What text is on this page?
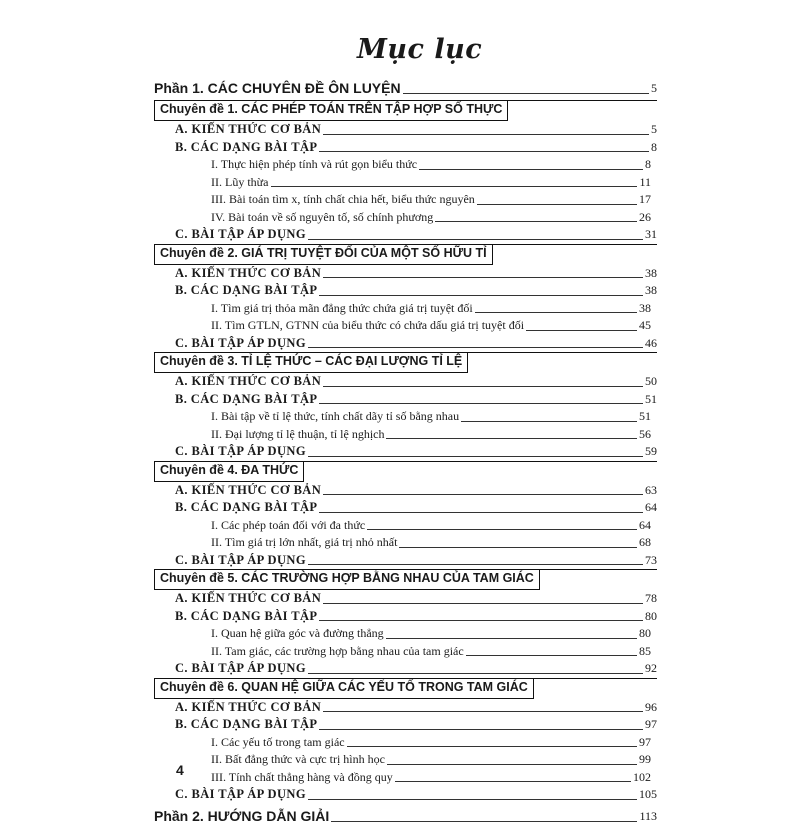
Mục lục
Phần 1. CÁC CHUYÊN ĐỀ ÔN LUYỆN	5
Chuyên đề 1. CÁC PHÉP TOÁN TRÊN TẬP HỢP SỐ THỰC
A. KIẾN THỨC CƠ BẢN	5
B. CÁC DẠNG BÀI TẬP	8
I. Thực hiện phép tính và rút gọn biểu thức	8
II. Lũy thừa	11
III. Bài toán tìm x, tính chất chia hết, biểu thức nguyên	17
IV. Bài toán về số nguyên tố, số chính phương	26
C. BÀI TẬP ÁP DỤNG	31
Chuyên đề 2. GIÁ TRỊ TUYỆT ĐỐI CỦA MỘT SỐ HỮU TỈ
A. KIẾN THỨC CƠ BẢN	38
B. CÁC DẠNG BÀI TẬP	38
I. Tìm giá trị thỏa mãn đẳng thức chứa giá trị tuyệt đối	38
II. Tìm GTLN, GTNN của biểu thức có chứa dấu giá trị tuyệt đối	45
C. BÀI TẬP ÁP DỤNG	46
Chuyên đề 3. TỈ LỆ THỨC – CÁC ĐẠI LƯỢNG TỈ LỆ
A. KIẾN THỨC CƠ BẢN	50
B. CÁC DẠNG BÀI TẬP	51
I. Bài tập về tỉ lệ thức, tính chất dãy tỉ số bằng nhau	51
II. Đại lượng tỉ lệ thuận, tỉ lệ nghịch	56
C. BÀI TẬP ÁP DỤNG	59
Chuyên đề 4. ĐA THỨC
A. KIẾN THỨC CƠ BẢN	63
B. CÁC DẠNG BÀI TẬP	64
I. Các phép toán đối với đa thức	64
II. Tìm giá trị lớn nhất, giá trị nhỏ nhất	68
C. BÀI TẬP ÁP DỤNG	73
Chuyên đề 5. CÁC TRƯỜNG HỢP BẰNG NHAU CỦA TAM GIÁC
A. KIẾN THỨC CƠ BẢN	78
B. CÁC DẠNG BÀI TẬP	80
I. Quan hệ giữa góc và đường thẳng	80
II. Tam giác, các trường hợp bằng nhau của tam giác	85
C. BÀI TẬP ÁP DỤNG	92
Chuyên đề 6. QUAN HỆ GIỮA CÁC YẾU TỐ TRONG TAM GIÁC
A. KIẾN THỨC CƠ BẢN	96
B. CÁC DẠNG BÀI TẬP	97
I. Các yếu tố trong tam giác	97
II. Bất đẳng thức và cực trị hình học	99
III. Tính chất thẳng hàng và đồng quy	102
C. BÀI TẬP ÁP DỤNG	105
Phần 2. HƯỚNG DẪN GIẢI	113
4
